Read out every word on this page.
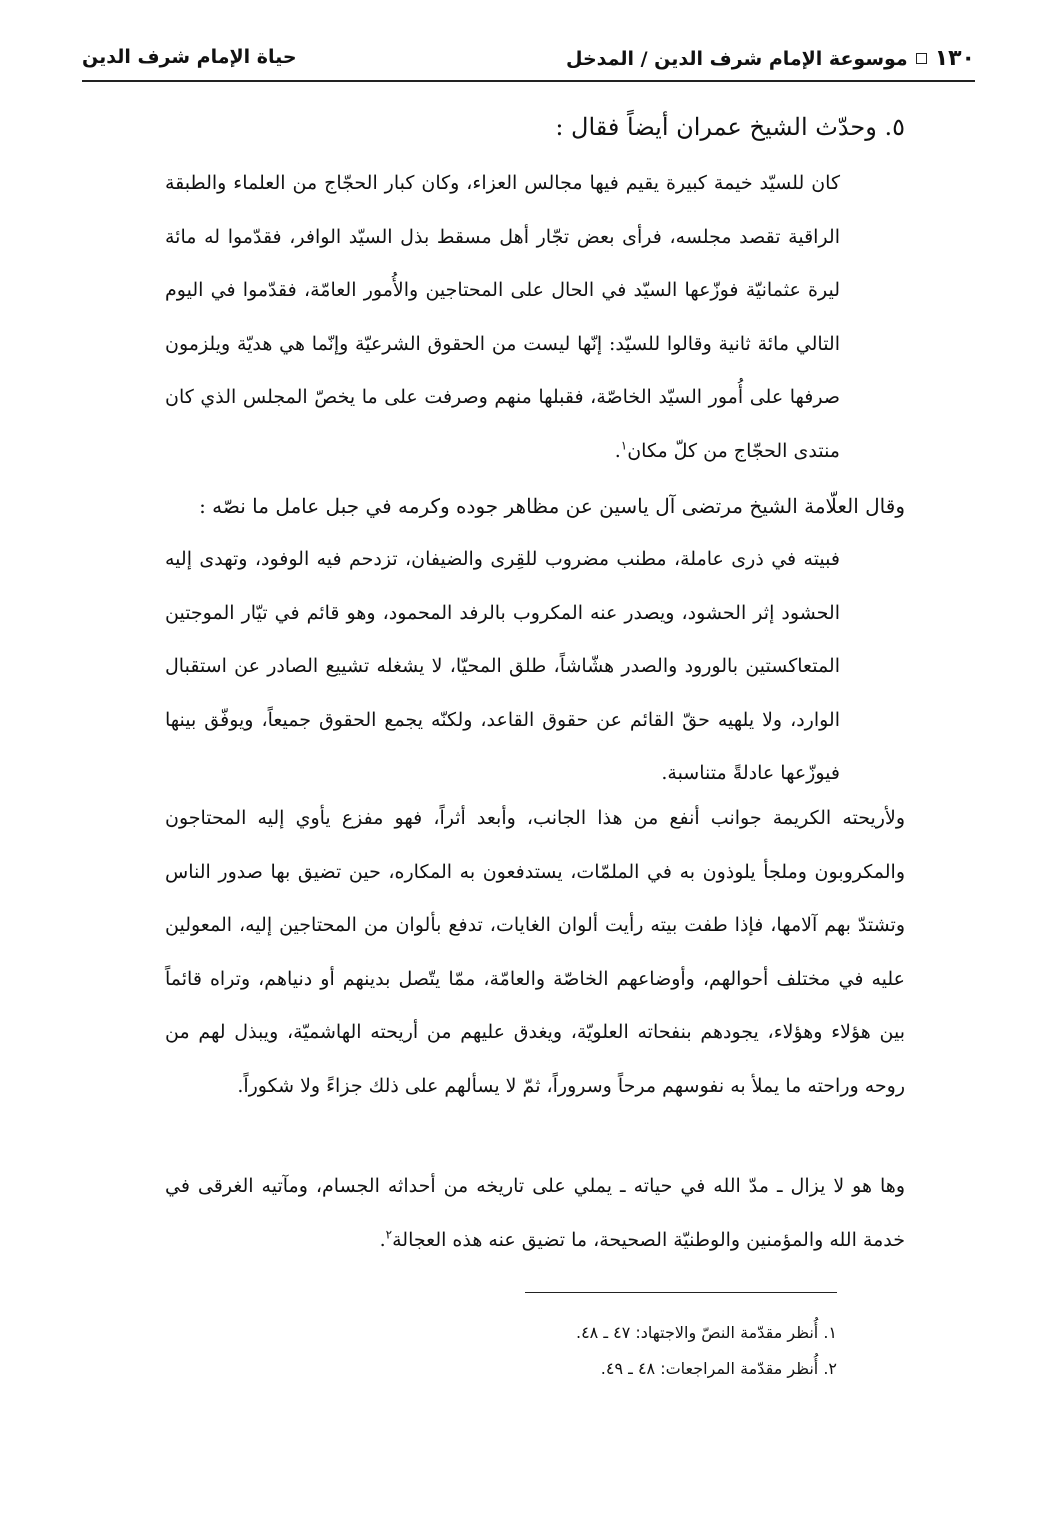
١٣٠
موسوعة الإمام شرف الدين / المدخل
حياة الإمام شرف الدين
٥. وحدّث الشيخ عمران أيضاً فقال :
كان للسيّد خيمة كبيرة يقيم فيها مجالس العزاء، وكان كبار الحجّاج من العلماء والطبقة الراقية تقصد مجلسه، فرأى بعض تجّار أهل مسقط بذل السيّد الوافر، فقدّموا له مائة ليرة عثمانيّة فوزّعها السيّد في الحال على المحتاجين والأُمور العامّة، فقدّموا في اليوم التالي مائة ثانية وقالوا للسيّد: إنّها ليست من الحقوق الشرعيّة وإنّما هي هديّة ويلزمون صرفها على أُمور السيّد الخاصّة، فقبلها منهم وصرفت على ما يخصّ المجلس الذي كان منتدى الحجّاج من كلّ مكان$^١$.
وقال العلّامة الشيخ مرتضى آل ياسين عن مظاهر جوده وكرمه في جبل عامل ما نصّه :
فبيته في ذرى عاملة، مطنب مضروب للقِرى والضيفان، تزدحم فيه الوفود، وتهدى إليه الحشود إثر الحشود، ويصدر عنه المكروب بالرفد المحمود، وهو قائم في تيّار الموجتين المتعاكستين بالورود والصدر هشّاشاً، طلق المحيّا، لا يشغله تشييع الصادر عن استقبال الوارد، ولا يلهيه حقّ القائم عن حقوق القاعد، ولكنّه يجمع الحقوق جميعاً، ويوفّق بينها فيوزّعها عادلةً متناسبة.
ولأريحته الكريمة جوانب أنفع من هذا الجانب، وأبعد أثراً، فهو مفزع يأوي إليه المحتاجون والمكروبون وملجأ يلوذون به في الملمّات، يستدفعون به المكاره، حين تضيق بها صدور الناس وتشتدّ بهم آلامها، فإذا طفت بيته رأيت ألوان الغايات، تدفع بألوان من المحتاجين إليه، المعولين عليه في مختلف أحوالهم، وأوضاعهم الخاصّة والعامّة، ممّا يتّصل بدينهم أو دنياهم، وتراه قائماً بين هؤلاء وهؤلاء، يجودهم بنفحاته العلويّة، ويغدق عليهم من أريحته الهاشميّة، ويبذل لهم من روحه وراحته ما يملأ به نفوسهم مرحاً وسروراً، ثمّ لا يسألهم على ذلك جزاءً ولا شكوراً.
وها هو لا يزال ـ مدّ الله في حياته ـ يملي على تاريخه من أحداثه الجسام، ومآتيه الغرقى في خدمة الله والمؤمنين والوطنيّة الصحيحة، ما تضيق عنه هذه العجالة$^٢$.
١. أُنظر مقدّمة النصّ والاجتهاد: ٤٧ ـ ٤٨.
٢. أُنظر مقدّمة المراجعات: ٤٨ ـ ٤٩.
